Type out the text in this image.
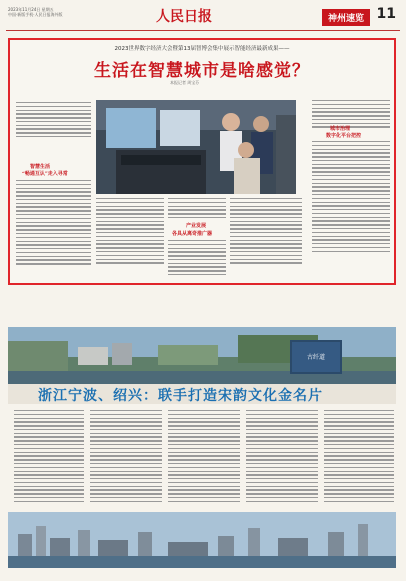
2023年11月24日 星期五
中国·新版手机·人民日报海外版	人民日报	神州速览 11
2023世界数字经济大会暨第13届智博会集中展示智能经济最新成果——
生活在智慧城市是啥感觉？
本报记者 周宝芬
智慧生活
“畅通互认”走入寻常
城市治理
数字化平台把控
产业发展
各具从离奇推广器
古纤道
浙江宁波、绍兴：联手打造宋韵文化金名片
